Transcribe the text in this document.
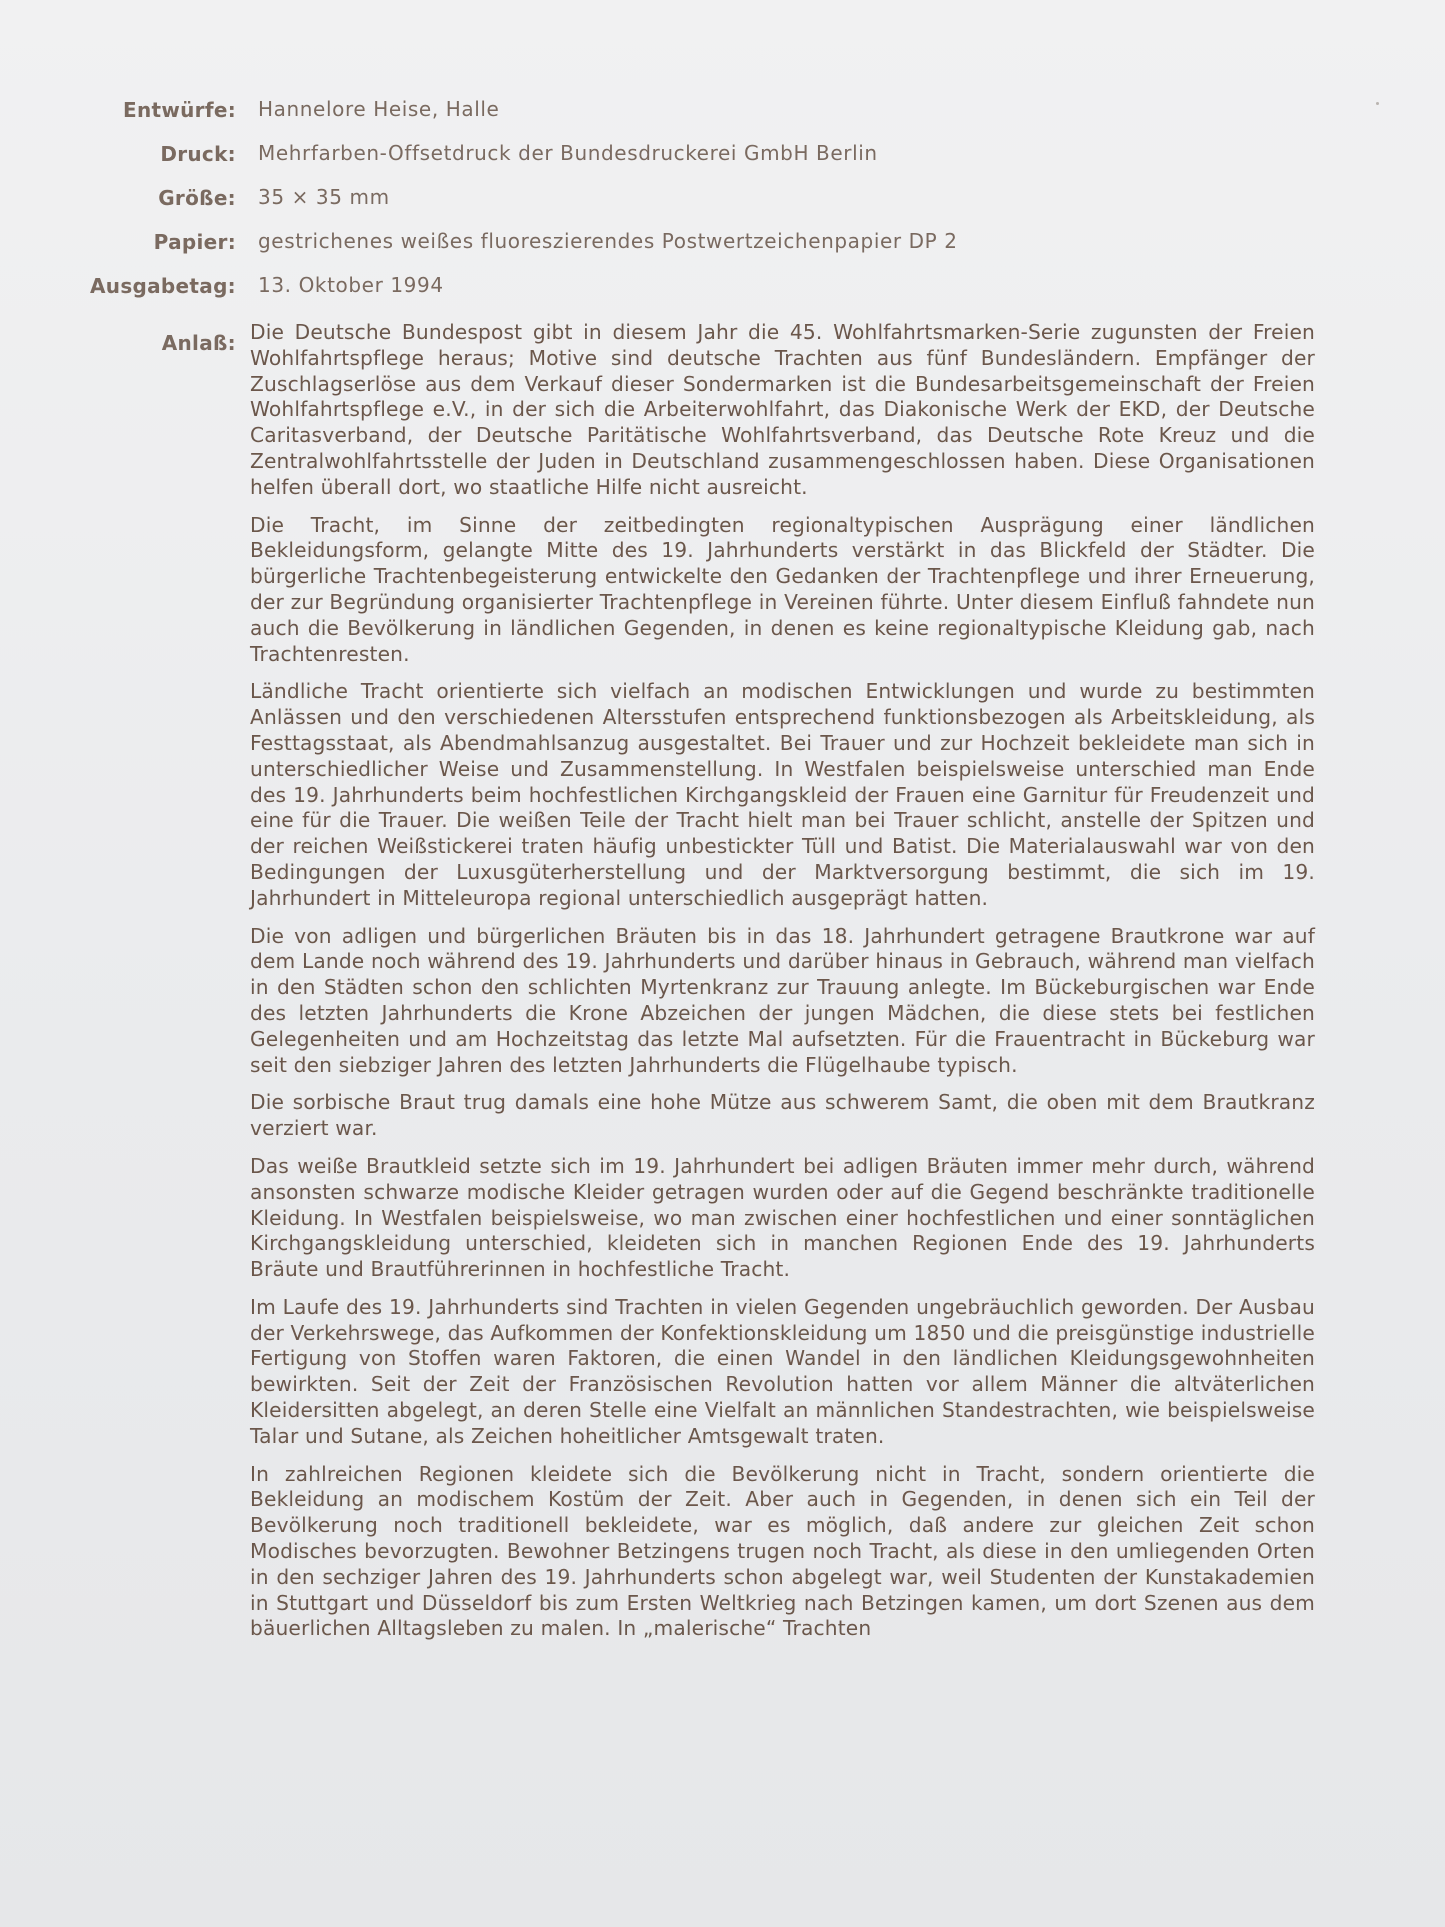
Entwürfe: Hannelore Heise, Halle
Druck: Mehrfarben-Offsetdruck der Bundesdruckerei GmbH Berlin
Größe: 35 × 35 mm
Papier: gestrichenes weißes fluoreszierendes Postwertzeichenpapier DP 2
Ausgabetag: 13. Oktober 1994
Anlaß: Die Deutsche Bundespost gibt in diesem Jahr die 45. Wohlfahrtsmarken-Serie zugunsten der Freien Wohlfahrtspflege heraus; Motive sind deutsche Trachten aus fünf Bundesländern. Empfänger der Zuschlagserlöse aus dem Verkauf dieser Sondermarken ist die Bundesarbeitsgemeinschaft der Freien Wohlfahrtspflege e.V., in der sich die Arbeiterwohlfahrt, das Diakonische Werk der EKD, der Deutsche Caritasverband, der Deutsche Paritätische Wohlfahrtsverband, das Deutsche Rote Kreuz und die Zentralwohlfahrtsstelle der Juden in Deutschland zusammengeschlossen haben. Diese Organisationen helfen überall dort, wo staatliche Hilfe nicht ausreicht.

Die Tracht, im Sinne der zeitbedingten regionaltypischen Ausprägung einer ländlichen Bekleidungsform, gelangte Mitte des 19. Jahrhunderts verstärkt in das Blickfeld der Städter. Die bürgerliche Trachtenbegeisterung entwickelte den Gedanken der Trachtenpflege und ihrer Erneuerung, der zur Begründung organisierter Trachtenpflege in Vereinen führte. Unter diesem Einfluß fahndete nun auch die Bevölkerung in ländlichen Gegenden, in denen es keine regionaltypische Kleidung gab, nach Trachtenresten.

Ländliche Tracht orientierte sich vielfach an modischen Entwicklungen und wurde zu bestimmten Anlässen und den verschiedenen Altersstufen entsprechend funktionsbezogen als Arbeitskleidung, als Festtagsstaat, als Abendmahlsanzug ausgestaltet. Bei Trauer und zur Hochzeit bekleidete man sich in unterschiedlicher Weise und Zusammenstellung. In Westfalen beispielsweise unterschied man Ende des 19. Jahrhunderts beim hochfestlichen Kirchgangskleid der Frauen eine Garnitur für Freudenzeit und eine für die Trauer. Die weißen Teile der Tracht hielt man bei Trauer schlicht, anstelle der Spitzen und der reichen Weißstickerei traten häufig unbestickter Tüll und Batist. Die Materialauswahl war von den Bedingungen der Luxusgüterherstellung und der Marktversorgung bestimmt, die sich im 19. Jahrhundert in Mitteleuropa regional unterschiedlich ausgeprägt hatten.

Die von adligen und bürgerlichen Bräuten bis in das 18. Jahrhundert getragene Brautkrone war auf dem Lande noch während des 19. Jahrhunderts und darüber hinaus in Gebrauch, während man vielfach in den Städten schon den schlichten Myrtenkranz zur Trauung anlegte. Im Bückeburgischen war Ende des letzten Jahrhunderts die Krone Abzeichen der jungen Mädchen, die diese stets bei festlichen Gelegenheiten und am Hochzeitstag das letzte Mal aufsetzten. Für die Frauentracht in Bückeburg war seit den siebziger Jahren des letzten Jahrhunderts die Flügelhaube typisch.

Die sorbische Braut trug damals eine hohe Mütze aus schwerem Samt, die oben mit dem Brautkranz verziert war.

Das weiße Brautkleid setzte sich im 19. Jahrhundert bei adligen Bräuten immer mehr durch, während ansonsten schwarze modische Kleider getragen wurden oder auf die Gegend beschränkte traditionelle Kleidung. In Westfalen beispielsweise, wo man zwischen einer hochfestlichen und einer sonntäglichen Kirchgangskleidung unterschied, kleideten sich in manchen Regionen Ende des 19. Jahrhunderts Bräute und Brautführerinnen in hochfestliche Tracht.

Im Laufe des 19. Jahrhunderts sind Trachten in vielen Gegenden ungebräuchlich geworden. Der Ausbau der Verkehrswege, das Aufkommen der Konfektionskleidung um 1850 und die preisgünstige industrielle Fertigung von Stoffen waren Faktoren, die einen Wandel in den ländlichen Kleidungsgewohnheiten bewirkten. Seit der Zeit der Französischen Revolution hatten vor allem Männer die altväterlichen Kleidersitten abgelegt, an deren Stelle eine Vielfalt an männlichen Standestrachten, wie beispielsweise Talar und Sutane, als Zeichen hoheitlicher Amtsgewalt traten.

In zahlreichen Regionen kleidete sich die Bevölkerung nicht in Tracht, sondern orientierte die Bekleidung an modischem Kostüm der Zeit. Aber auch in Gegenden, in denen sich ein Teil der Bevölkerung noch traditionell bekleidete, war es möglich, daß andere zur gleichen Zeit schon Modisches bevorzugten. Bewohner Betzingens trugen noch Tracht, als diese in den umliegenden Orten in den sechziger Jahren des 19. Jahrhunderts schon abgelegt war, weil Studenten der Kunstakademien in Stuttgart und Düsseldorf bis zum Ersten Weltkrieg nach Betzingen kamen, um dort Szenen aus dem bäuerlichen Alltagsleben zu malen. In „malerische“ Trachten
